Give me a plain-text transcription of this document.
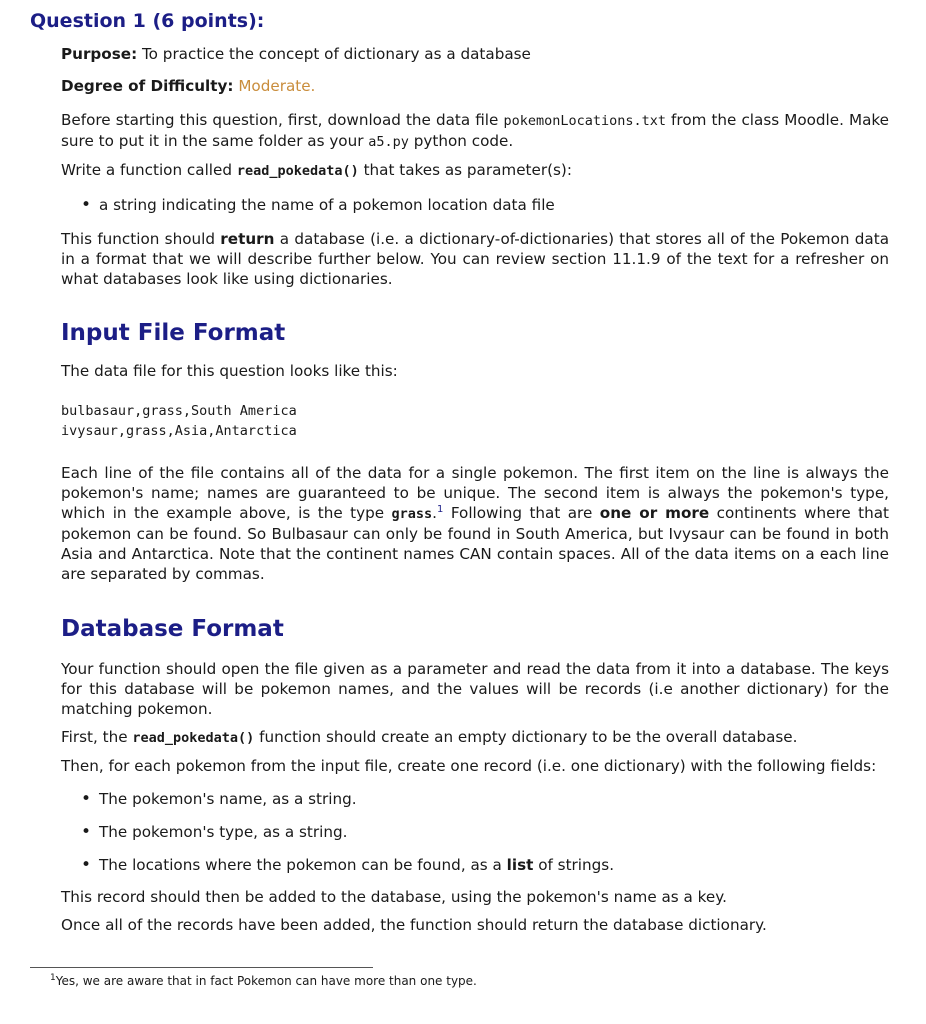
Question 1 (6 points):

Purpose: To practice the concept of dictionary as a database

Degree of Difficulty: Moderate.

Before starting this question, first, download the data file pokemonLocations.txt from the class Moodle. Make sure to put it in the same folder as your a5.py python code.

Write a function called read_pokedata() that takes as parameter(s):

• a string indicating the name of a pokemon location data file

This function should return a database (i.e. a dictionary-of-dictionaries) that stores all of the Pokemon data in a format that we will describe further below. You can review section 11.1.9 of the text for a refresher on what databases look like using dictionaries.

Input File Format

The data file for this question looks like this:

bulbasaur,grass,South America
ivysaur,grass,Asia,Antarctica

Each line of the file contains all of the data for a single pokemon. The first item on the line is always the pokemon's name; names are guaranteed to be unique. The second item is always the pokemon's type, which in the example above, is the type grass.$^1$ Following that are one or more continents where that pokemon can be found. So Bulbasaur can only be found in South America, but Ivysaur can be found in both Asia and Antarctica. Note that the continent names CAN contain spaces. All of the data items on a each line are separated by commas.

Database Format

Your function should open the file given as a parameter and read the data from it into a database. The keys for this database will be pokemon names, and the values will be records (i.e another dictionary) for the matching pokemon.

First, the read_pokedata() function should create an empty dictionary to be the overall database.

Then, for each pokemon from the input file, create one record (i.e. one dictionary) with the following fields:

• The pokemon's name, as a string.
• The pokemon's type, as a string.
• The locations where the pokemon can be found, as a list of strings.

This record should then be added to the database, using the pokemon's name as a key.

Once all of the records have been added, the function should return the database dictionary.

$^1$Yes, we are aware that in fact Pokemon can have more than one type.
